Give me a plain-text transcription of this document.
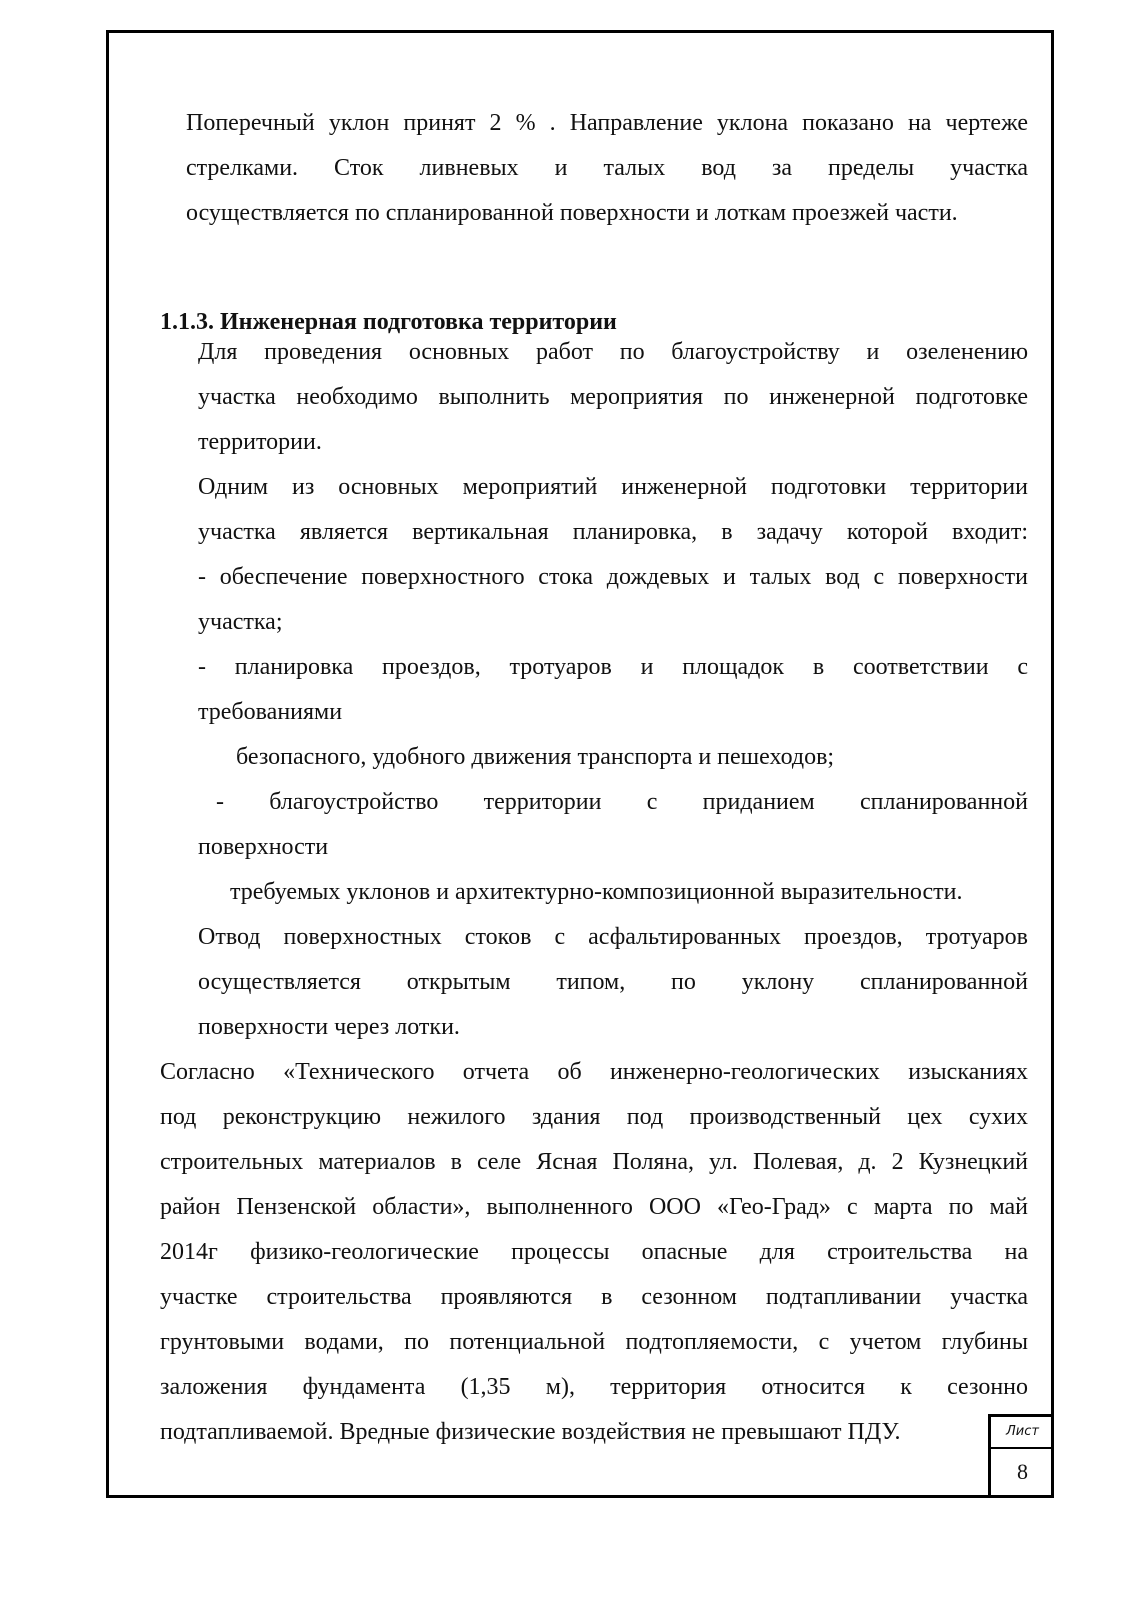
Поперечный уклон принят 2 % . Направление уклона показано на чертеже
стрелками. Сток ливневых и талых вод за пределы участка
осуществляется по спланированной поверхности и лоткам проезжей части.
1.1.3. Инженерная подготовка территории
Для проведения основных работ по благоустройству и озеленению
участка необходимо выполнить мероприятия по инженерной подготовке
территории.
Одним из основных мероприятий инженерной подготовки территории
участка является вертикальная планировка, в задачу которой входит:
- обеспечение поверхностного стока дождевых и талых вод с поверхности
участка;
- планировка проездов, тротуаров и площадок в соответствии с
требованиями
безопасного, удобного движения транспорта и пешеходов;
- благоустройство территории с приданием спланированной
поверхности
требуемых уклонов и архитектурно-композиционной выразительности.
Отвод поверхностных стоков с асфальтированных проездов, тротуаров
осуществляется открытым типом, по уклону спланированной
поверхности через лотки.
Согласно «Технического отчета об инженерно-геологических изысканиях
под реконструкцию нежилого здания под производственный цех сухих
строительных материалов в селе Ясная Поляна, ул. Полевая, д. 2 Кузнецкий
район Пензенской области», выполненного ООО «Гео-Град» с марта по май
2014г физико-геологические процессы опасные для строительства на
участке строительства проявляются в сезонном подтапливании участка
грунтовыми водами, по потенциальной подтопляемости, с учетом глубины
заложения фундамента (1,35 м), территория относится к сезонно
подтапливаемой. Вредные физические воздействия не превышают ПДУ.	Лист
8
